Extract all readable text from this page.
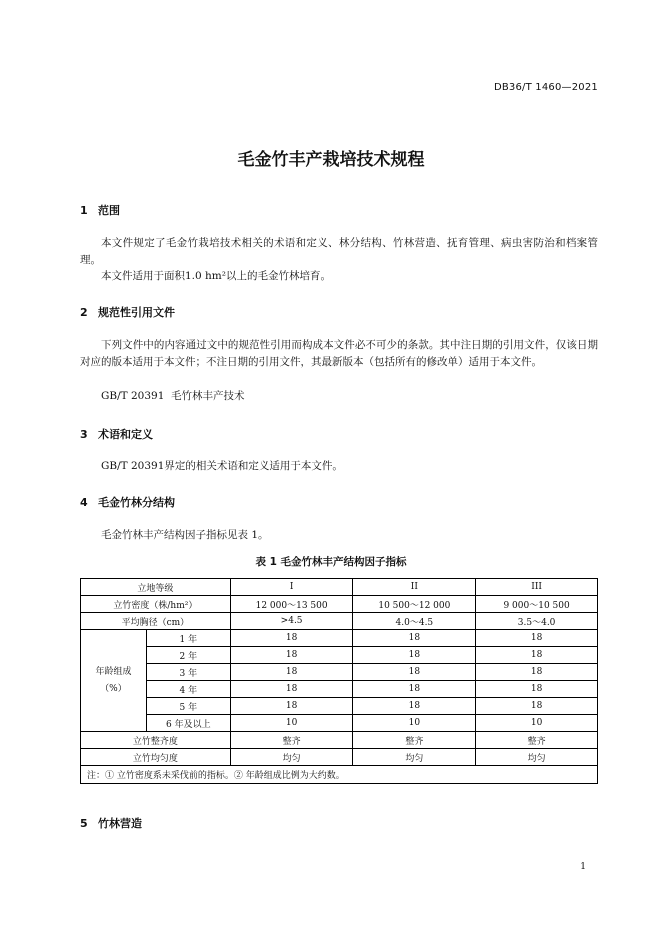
DB36/T 1460—2021
毛金竹丰产栽培技术规程
1 范围
本文件规定了毛金竹栽培技术相关的术语和定义、林分结构、竹林营造、抚育管理、病虫害防治和档案管理。
本文件适用于面积1.0 hm²以上的毛金竹林培育。
2 规范性引用文件
下列文件中的内容通过文中的规范性引用而构成本文件必不可少的条款。其中注日期的引用文件，仅该日期对应的版本适用于本文件；不注日期的引用文件，其最新版本（包括所有的修改单）适用于本文件。
GB/T 20391  毛竹林丰产技术
3 术语和定义
GB/T 20391界定的相关术语和定义适用于本文件。
4 毛金竹林分结构
毛金竹林丰产结构因子指标见表 1。
表 1 毛金竹林丰产结构因子指标
立地等级		I	II	III
立竹密度（株/hm²）		12 000～13 500	10 500～12 000	9 000～10 500
平均胸径（cm）		>4.5	4.0～4.5	3.5～4.0
年龄组成
（%）	1 年	18	18	18
	2 年	18	18	18
	3 年	18	18	18
	4 年	18	18	18
	5 年	18	18	18
	6 年及以上	10	10	10
立竹整齐度		整齐	整齐	整齐
立竹均匀度		均匀	均匀	均匀
注：① 立竹密度系未采伐前的指标。② 年龄组成比例为大约数。				
5 竹林营造
1
